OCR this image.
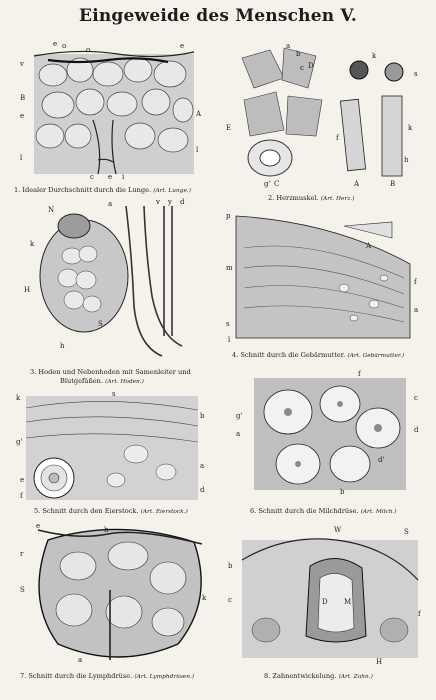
Eingeweide des Menschen V.
o	o
e	e
v
B
e	A
l
l
c e i
1. Idealer Durchschnitt durch die Lunge. (Art. Lunge.)
a
b
c D
k
s
E
A	B
g' C
f
k
h
2. Herzmuskel. (Art. Herz.)
N
k
H
h
S
a	v y d
3. Hoden und Nebenhoden mit Samenleiter und
Blutgefäßen. (Art. Hoden.)
p
m
A
f
a
s
l
4. Schnitt durch die Gebärmutter. (Art. Gebärmutter.)
k	s
b
g'
e
f
a
d
5. Schnitt durch den Eierstock. (Art. Eierstock.)
f
g'
a
c
d
b
d'
6. Schnitt durch die Milchdrüse. (Art. Milch.)
e	h
r
k
S
a
7. Schnitt durch die Lymphdrüse. (Art. Lymphdrüsen.)
W	S
b
D M
c
f
H
8. Zahnentwickelung. (Art. Zahn.)
